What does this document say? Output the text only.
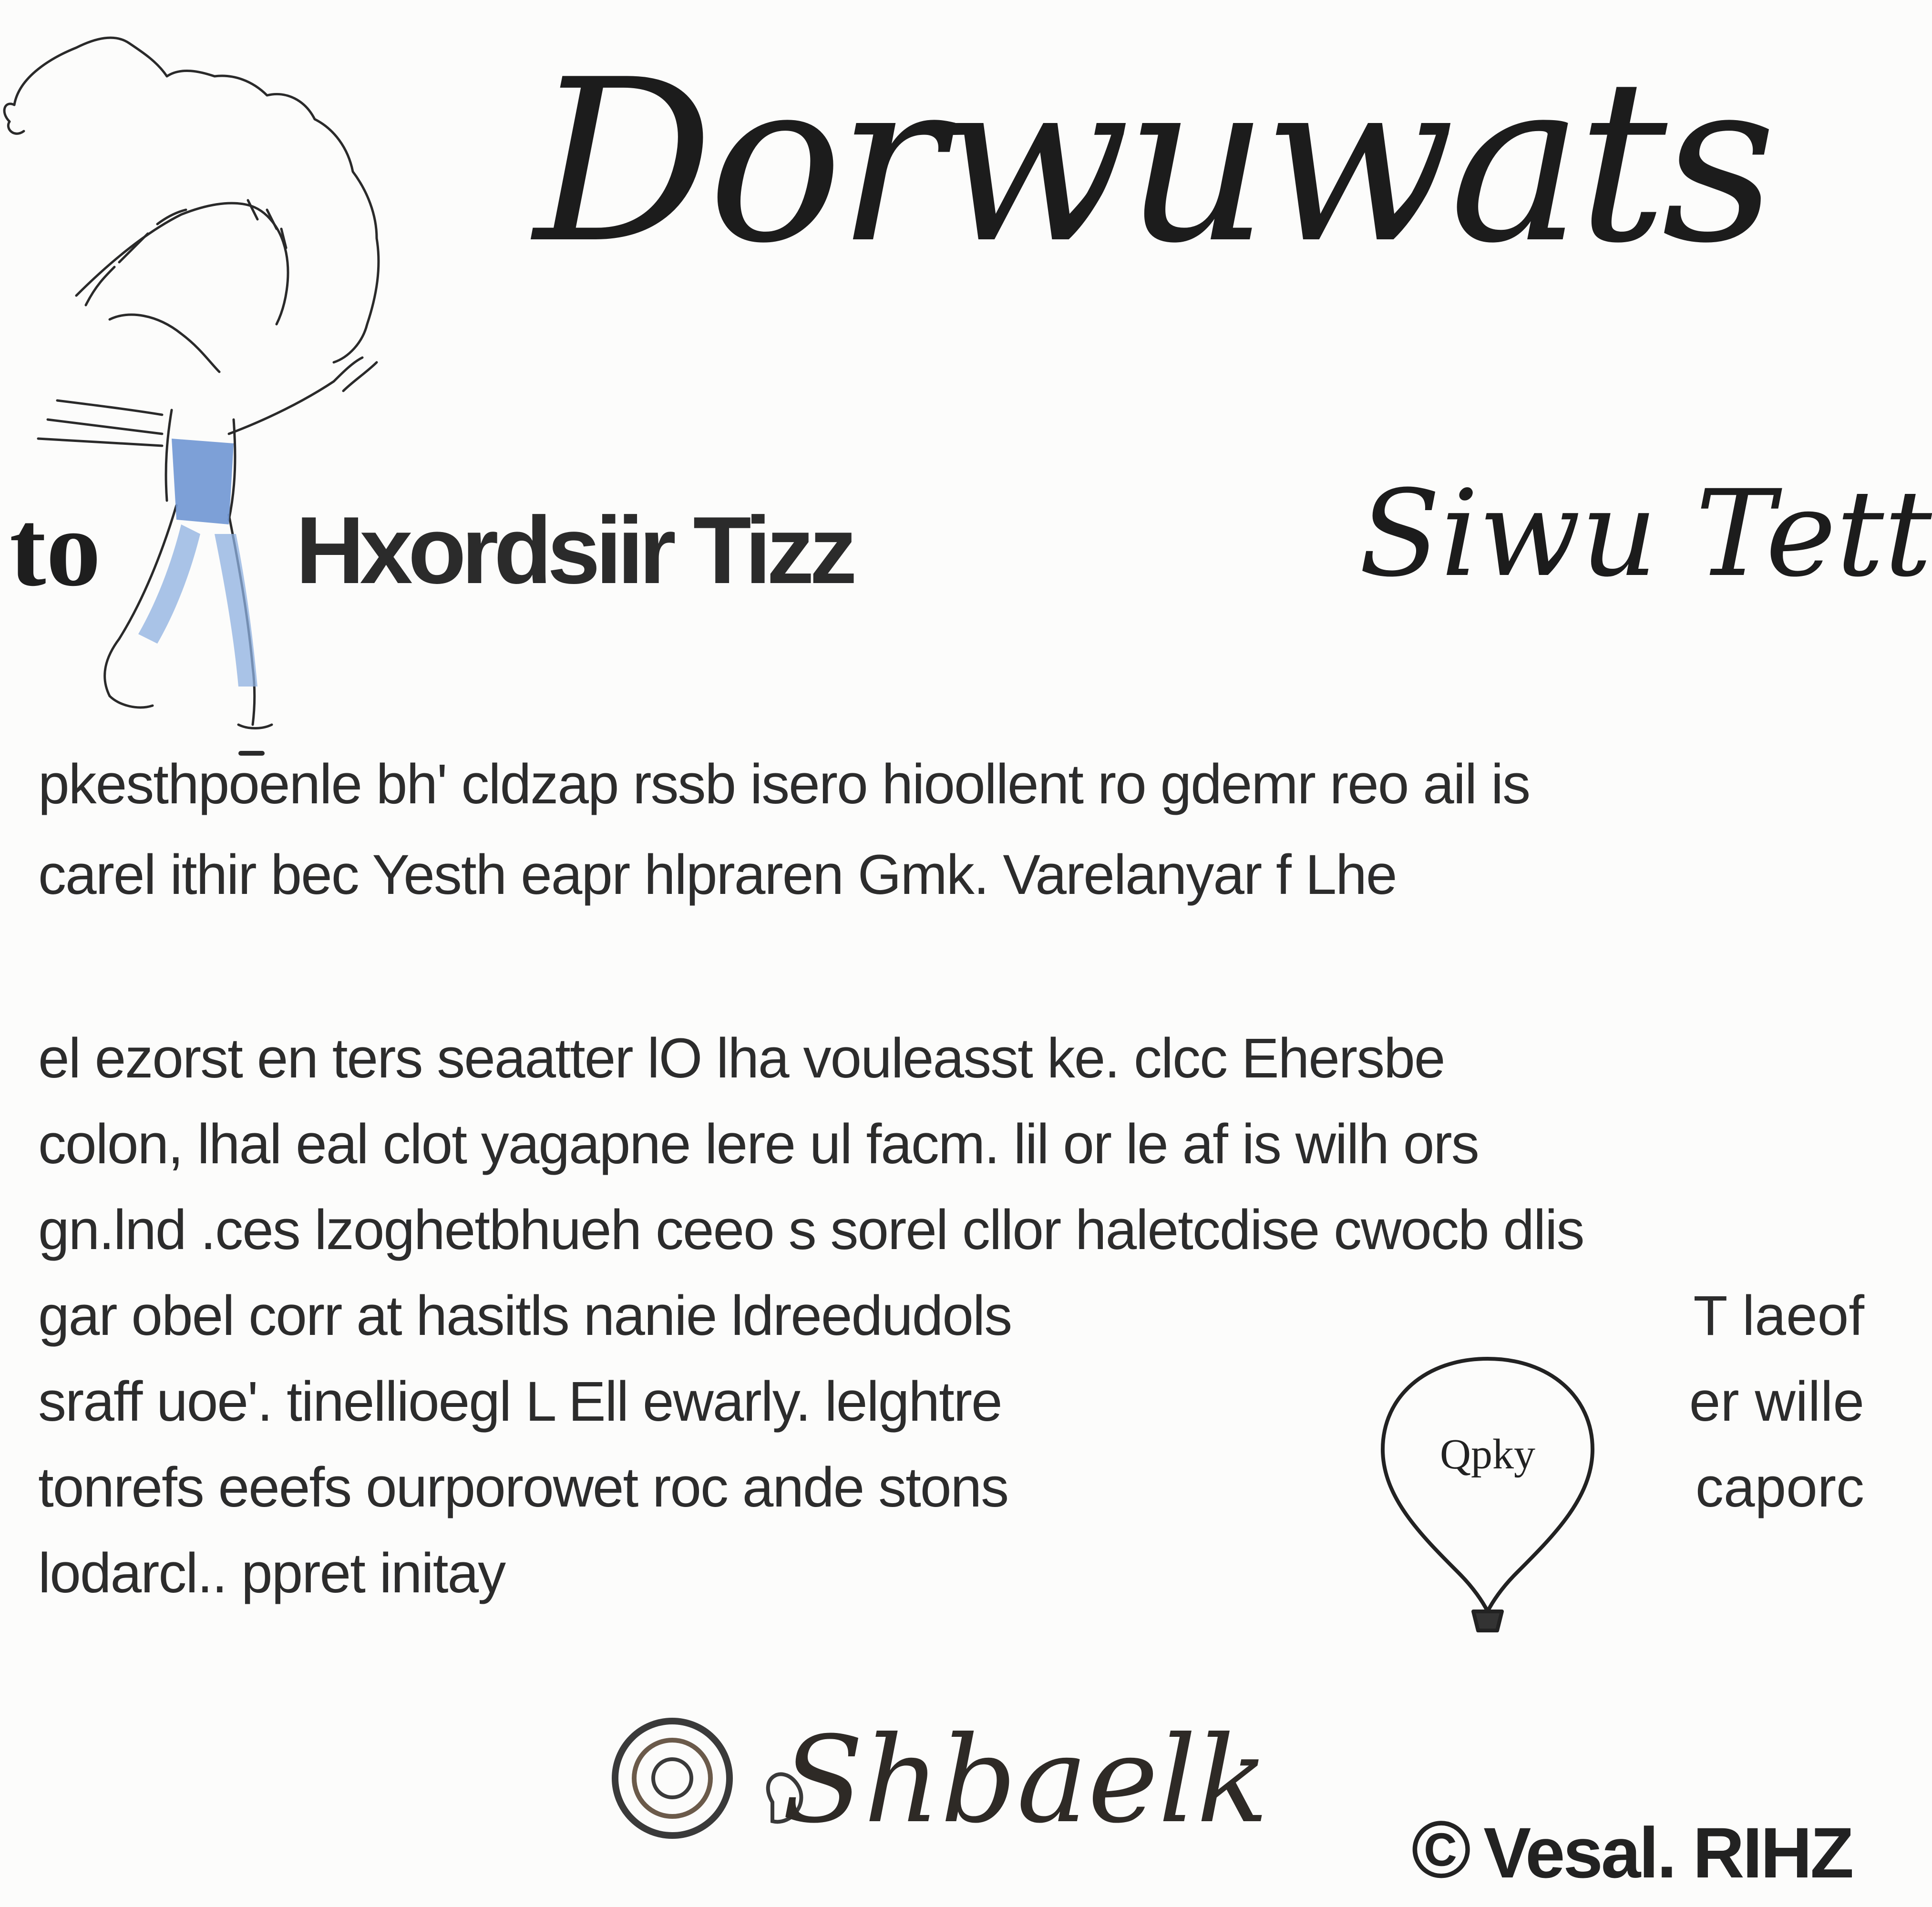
Dorwuwats
to Hxordsiir Tizz	Siwu Tett
pkesthpoenle bh' cldzap rssb isero hioollent ro gdemr reo ail is
carel ithir bec Yesth eapr hlpraren Gmk. Varelanyar f Lhe
el ezorst en ters seaatter lO lha vouleasst ke. clcc Ehersbe
colon, lhal eal clot yagapne lere ul facm. lil or le af is wilh ors
gn.lnd .ces lzoghetbhueh ceeo s sorel cllor haletcdise cwocb dlis
gar obel corr at hasitls nanie ldreedudols
sraff uoe'. tinellioegl L Ell ewarly. lelghtre
tonrefs eeefs ourporowet roc ande stons
lodarcl.. ppret initay
T laeof
er wille
caporc
Qpky
Shbaelk
© Vesal. RIHZ
